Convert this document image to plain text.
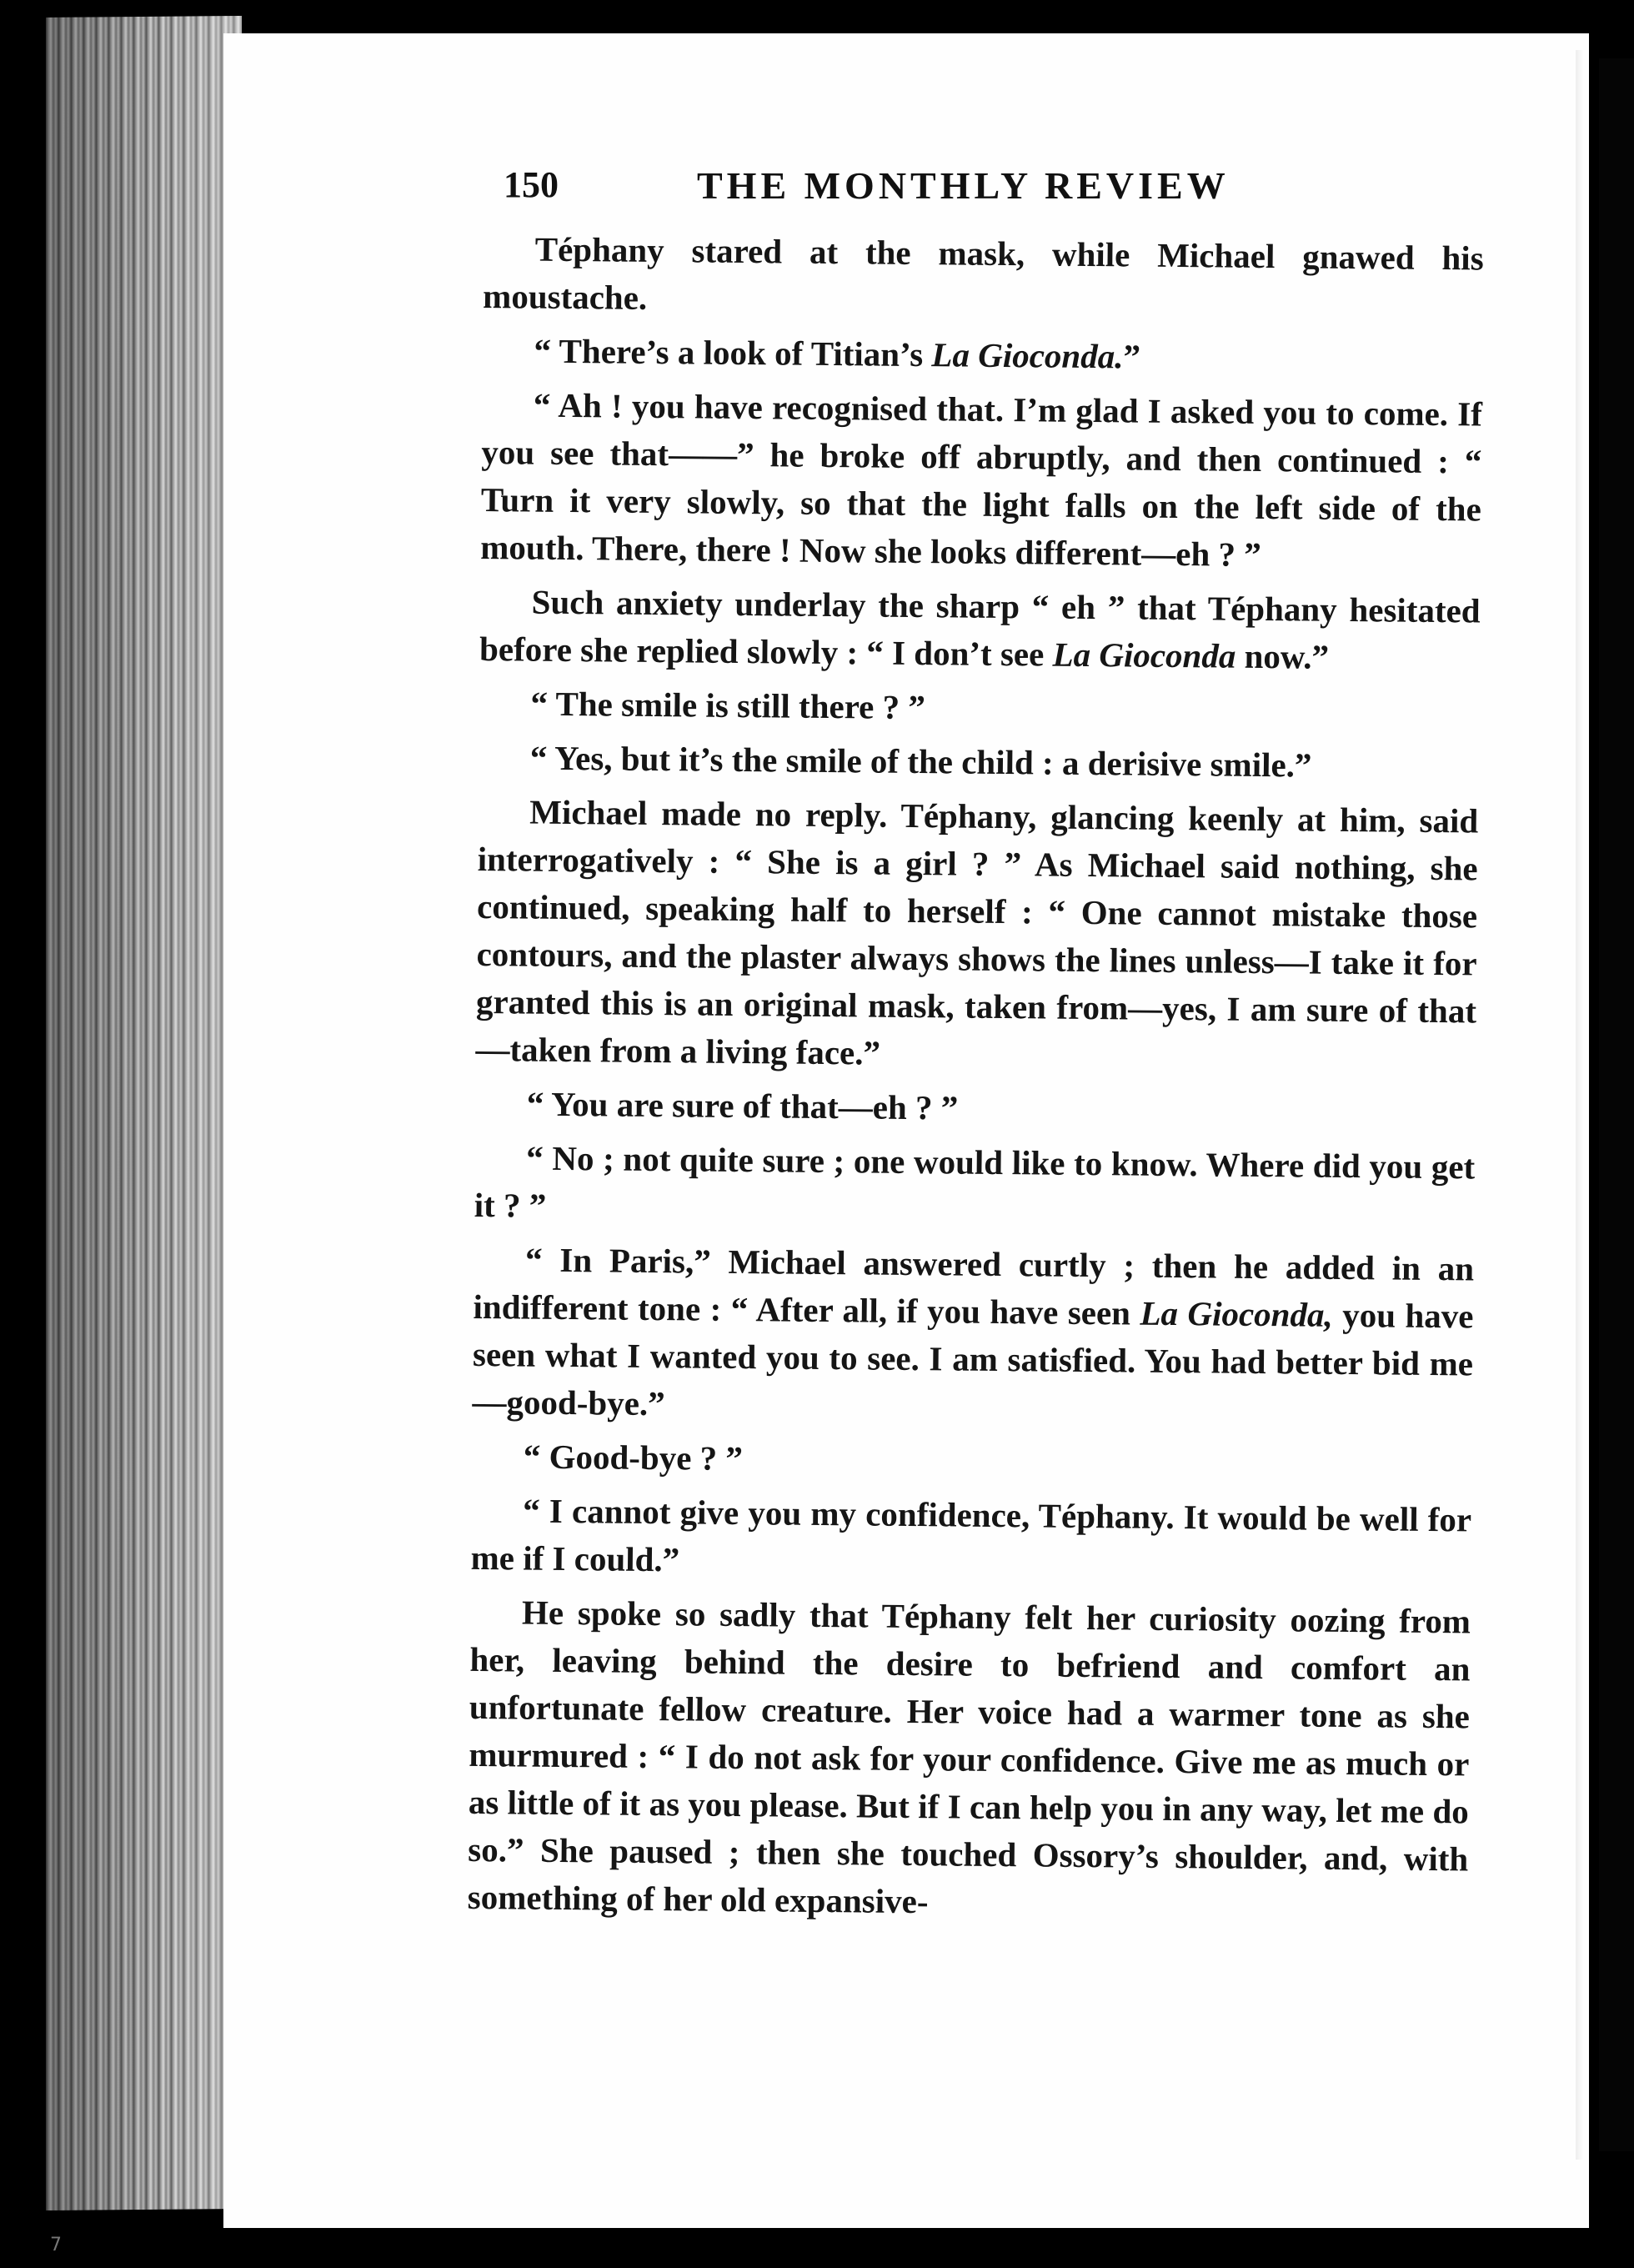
150	THE MONTHLY REVIEW

Téphany stared at the mask, while Michael gnawed his moustache.

“ There’s a look of Titian’s La Gioconda.”

“ Ah ! you have recognised that. I’m glad I asked you to come. If you see that——” he broke off abruptly, and then continued : “ Turn it very slowly, so that the light falls on the left side of the mouth. There, there ! Now she looks different—eh ? ”

Such anxiety underlay the sharp “ eh ” that Téphany hesitated before she replied slowly : “ I don’t see La Gioconda now.”

“ The smile is still there ? ”

“ Yes, but it’s the smile of the child : a derisive smile.”

Michael made no reply. Téphany, glancing keenly at him, said interrogatively : “ She is a girl ? ” As Michael said nothing, she continued, speaking half to herself : “ One cannot mistake those contours, and the plaster always shows the lines unless—I take it for granted this is an original mask, taken from—yes, I am sure of that—taken from a living face.”

“ You are sure of that—eh ? ”

“ No ; not quite sure ; one would like to know. Where did you get it ? ”

“ In Paris,” Michael answered curtly ; then he added in an indifferent tone : “ After all, if you have seen La Gioconda, you have seen what I wanted you to see. I am satisfied. You had better bid me—good-bye.”

“ Good-bye ? ”

“ I cannot give you my confidence, Téphany. It would be well for me if I could.”

He spoke so sadly that Téphany felt her curiosity oozing from her, leaving behind the desire to befriend and comfort an unfortunate fellow creature. Her voice had a warmer tone as she murmured : “ I do not ask for your confidence. Give me as much or as little of it as you please. But if I can help you in any way, let me do so.” She paused ; then she touched Ossory’s shoulder, and, with something of her old expansive-

7
